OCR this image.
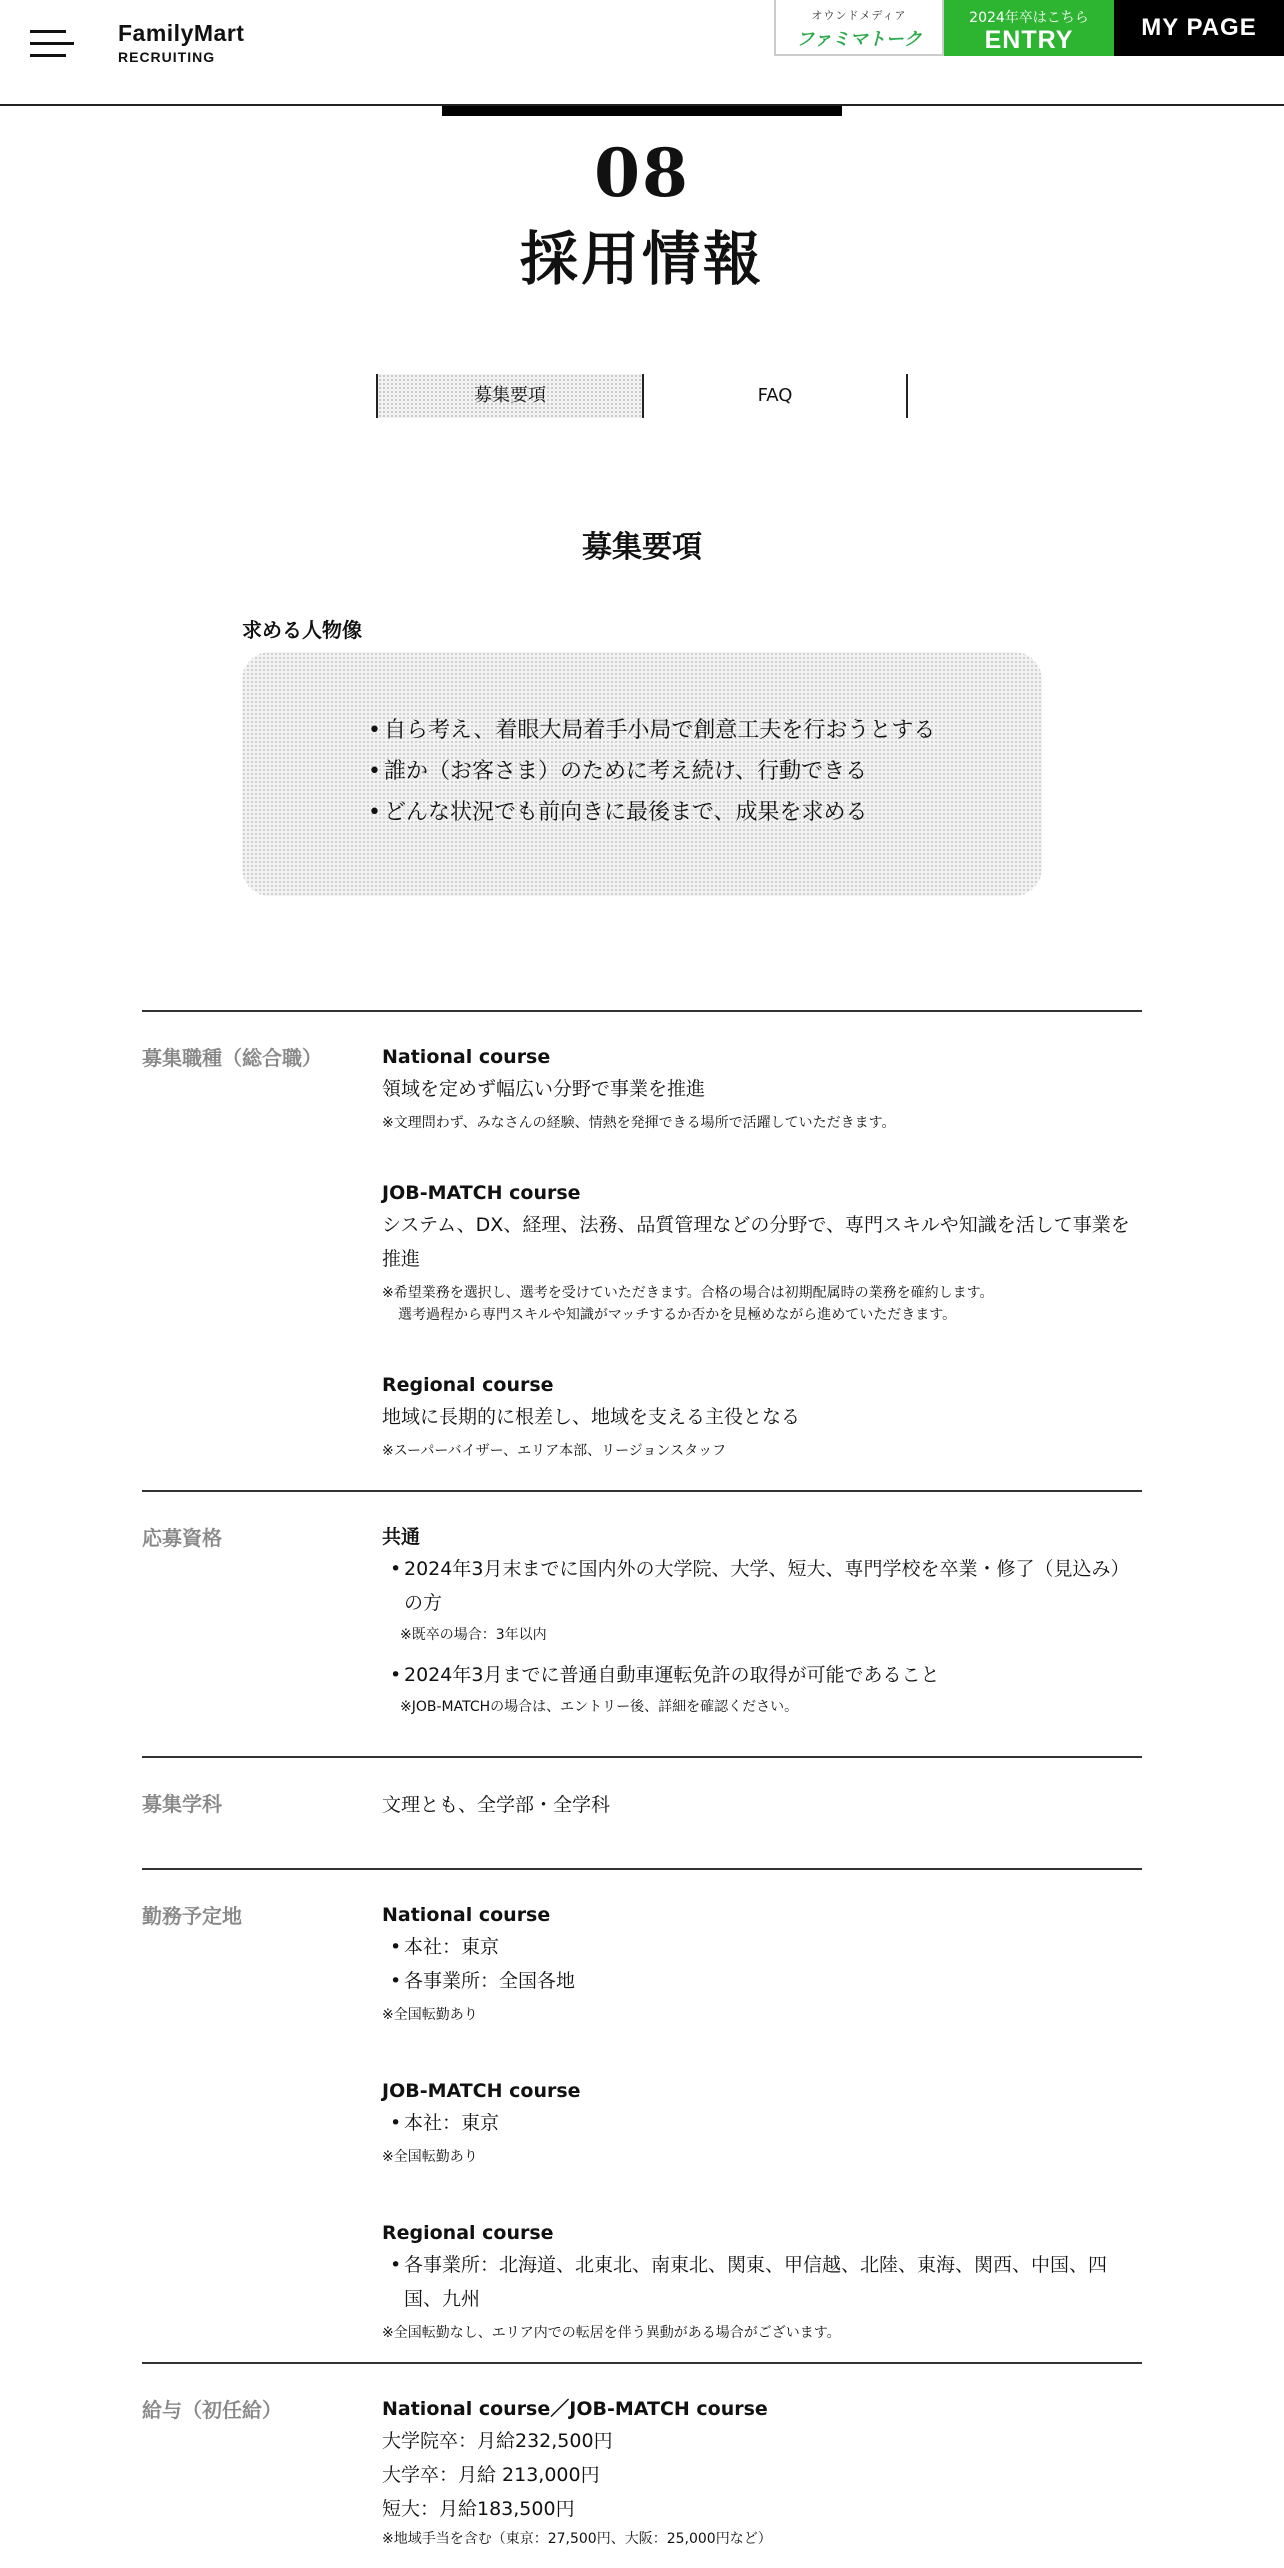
FamilyMart
RECRUITING
オウンドメディア
ファミマトーク
2024年卒はこちら
ENTRY	MY PAGE
08
採用情報
募集要項	FAQ
募集要項
求める人物像
• 自ら考え、着眼大局着手小局で創意工夫を行おうとする
• 誰か（お客さま）のために考え続け、行動できる
• どんな状況でも前向きに最後まで、成果を求める
募集職種（総合職）	National course
領域を定めず幅広い分野で事業を推進
※文理問わず、みなさんの経験、情熱を発揮できる場所で活躍していただきます。
JOB-MATCH course
システム、DX、経理、法務、品質管理などの分野で、専門スキルや知識を活して事業を推進
※希望業務を選択し、選考を受けていただきます。合格の場合は初期配属時の業務を確約します。
選考過程から専門スキルや知識がマッチするか否かを見極めながら進めていただきます。
Regional course
地域に長期的に根差し、地域を支える主役となる
※スーパーバイザー、エリア本部、リージョンスタッフ
応募資格	共通
• 2024年3月末までに国内外の大学院、大学、短大、専門学校を卒業・修了（見込み）の方
※既卒の場合：3年以内
• 2024年3月までに普通自動車運転免許の取得が可能であること
※JOB-MATCHの場合は、エントリー後、詳細を確認ください。
募集学科	文理とも、全学部・全学科
勤務予定地	National course
• 本社：東京
• 各事業所：全国各地
※全国転勤あり
JOB-MATCH course
• 本社：東京
※全国転勤あり
Regional course
• 各事業所：北海道、北東北、南東北、関東、甲信越、北陸、東海、関西、中国、四国、九州
※全国転勤なし、エリア内での転居を伴う異動がある場合がございます。
給与（初任給）	National course／JOB-MATCH course
大学院卒：月給232,500円
大学卒：月給 213,000円
短大：月給183,500円
※地域手当を含む（東京：27,500円、大阪：25,000円など）
